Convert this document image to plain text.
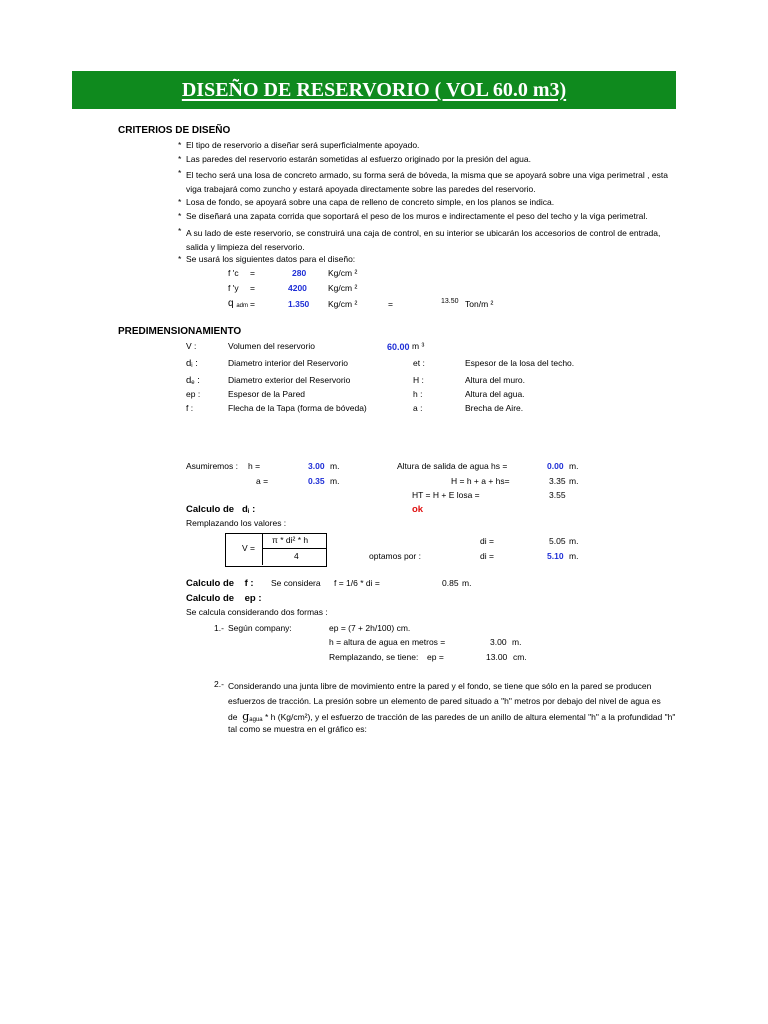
DISEÑO DE RESERVORIO ( VOL 60.0 m3)
CRITERIOS DE DISEÑO
* El tipo de reservorio a diseñar será superficialmente apoyado.
* Las paredes del reservorio estarán sometidas al esfuerzo originado por la presión del agua.
* El techo será una losa de concreto armado, su forma será de bóveda, la misma que se apoyará sobre una viga perimetral , esta viga trabajará como zuncho y estará apoyada directamente sobre las paredes del reservorio.
* Losa de fondo, se apoyará sobre una capa de relleno de concreto simple, en los planos se indica.
* Se diseñará una zapata corrida que soportará el peso de los muros e indirectamente el peso del techo y la viga perimetral.
* A su lado de este reservorio, se construirá una caja de control, en su interior se ubicarán los accesorios de control de entrada, salida y limpieza del reservorio.
* Se usará los siguientes datos para el diseño:
f 'c =	280	Kg/cm ²
f 'y =	4200 Kg/cm ²
q adm =	1.350 Kg/cm ²	=	13.50 Ton/m ²
PREDIMENSIONAMIENTO
V :	Volumen del reservorio	60.00 m ³
di :	Diametro interior del Reservorio	et :	Espesor de la losa del techo.
de :	Diametro exterior del Reservorio	H :	Altura del muro.
ep :	Espesor de la Pared	h :	Altura del agua.
f :	Flecha de la Tapa (forma de bóveda)	a :	Brecha de Aire.
Asumiremos : h =	3.00 m.	Altura de salida de agua hs =	0.00 m.
a =	0.35 m.	H = h + a + hs=	3.35 m.
HT = H + E losa =	3.55
Calculo de di :	ok
Remplazando los valores :
V =
π * di² * h
4
di =	5.05 m.
optamos por :	di =	5.10 m.
Calculo de f : Se considera f = 1/6 * di =	0.85 m.
Calculo de ep :
Se calcula considerando dos formas :
1.- Según company:	ep = (7 + 2h/100) cm.
h = altura de agua en metros =	3.00 m.
Remplazando, se tiene: ep =	13.00 cm.
2.- Considerando una junta libre de movimiento entre la pared y el fondo, se tiene que sólo en la pared se producen
esfuerzos de tracción. La presión sobre un elemento de pared situado a "h" metros por debajo del nivel de agua es
de gagua * h (Kg/cm²), y el esfuerzo de tracción de las paredes de un anillo de altura elemental "h" a la profundidad "h"
tal como se muestra en el gráfico es:
